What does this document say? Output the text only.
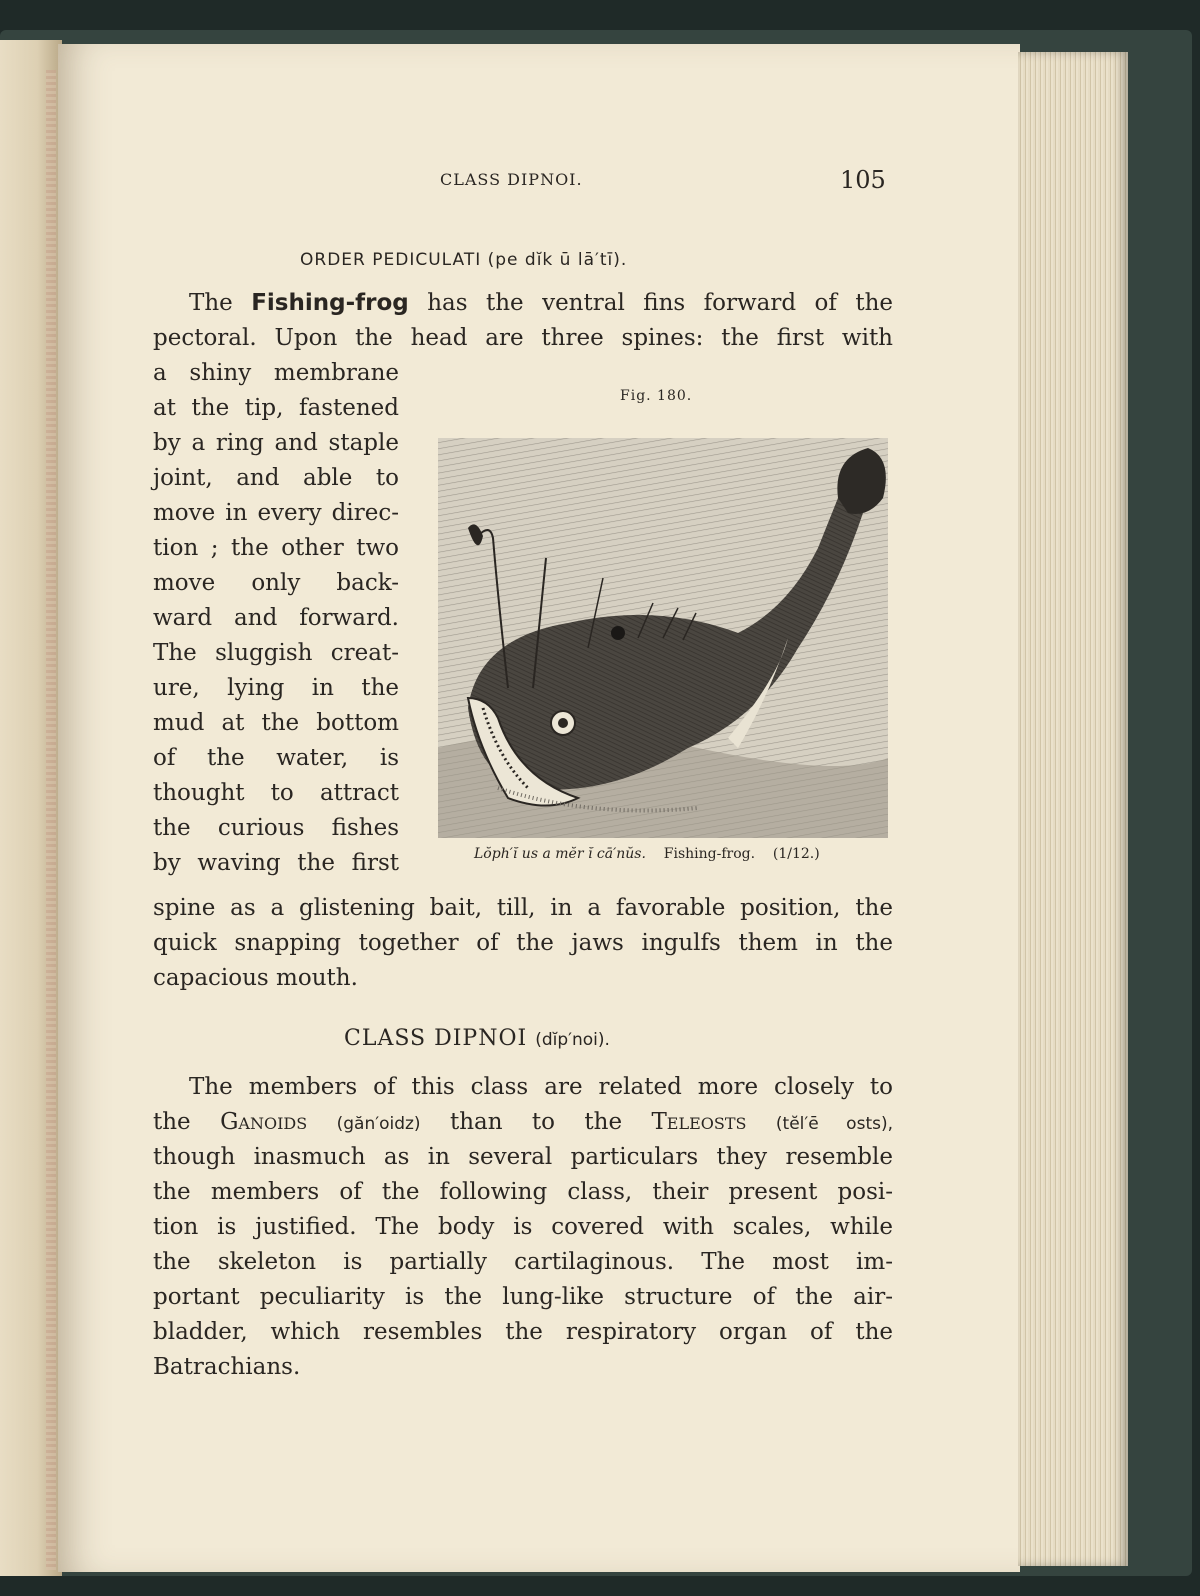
CLASS DIPNOI.	105
ORDER PEDICULATI (pe dĭk ū lā′tī).
The Fishing-frog has the ventral fins forward of the
pectoral. Upon the head are three spines: the first with
a shiny membrane
at the tip, fastened
by a ring and staple
joint, and able to
move in every direc-
tion ; the other two
move only back-
ward and forward.
The sluggish creat-
ure, lying in the
mud at the bottom
of the water, is
thought to attract
the curious fishes
by waving the first
Fig. 180.
Lŏph′ĭ us a mĕr ĭ cā′nŭs. Fishing-frog. (1/12.)
spine as a glistening bait, till, in a favorable position, the
quick snapping together of the jaws ingulfs them in the
capacious mouth.
CLASS DIPNOI (dĭp′noi).
The members of this class are related more closely to
the Ganoids (găn′oidz) than to the Teleosts (tĕl′ē osts),
though inasmuch as in several particulars they resemble
the members of the following class, their present posi-
tion is justified. The body is covered with scales, while
the skeleton is partially cartilaginous. The most im-
portant peculiarity is the lung-like structure of the air-
bladder, which resembles the respiratory organ of the
Batrachians.
